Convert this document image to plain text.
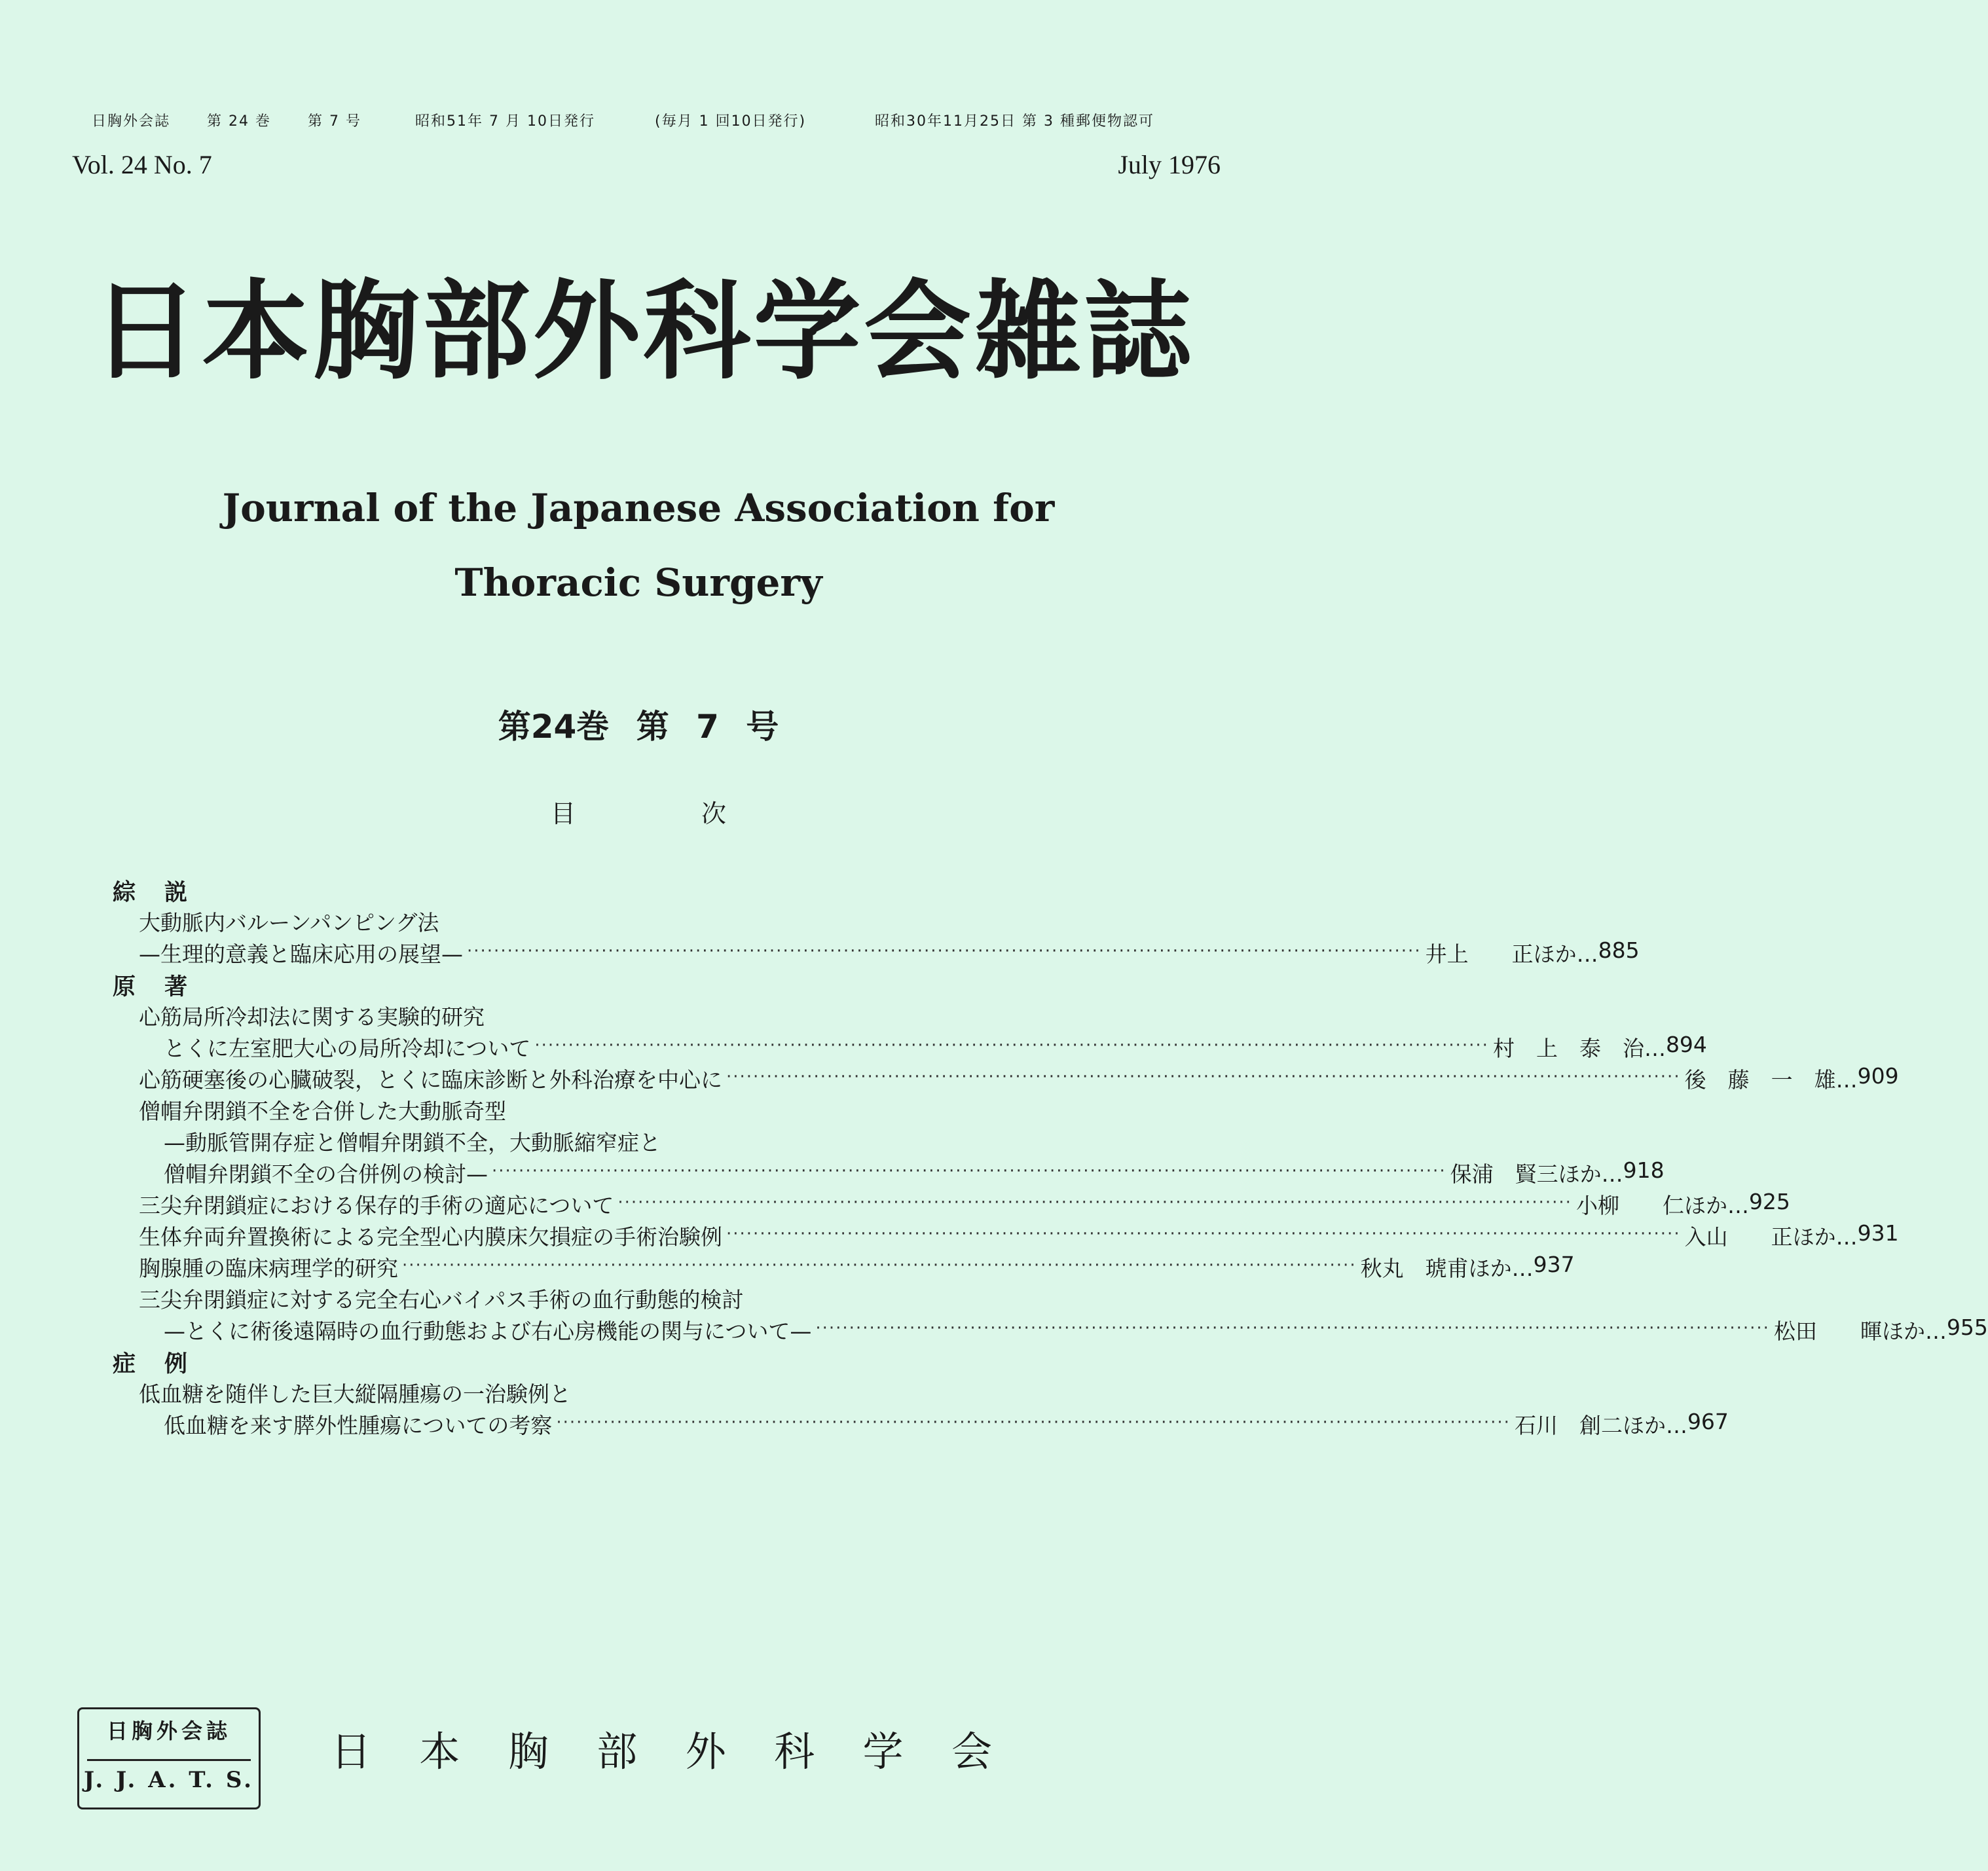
日胸外会誌	第 24 巻	第 7 号	昭和51年 7 月 10日発行	(毎月 1 回10日発行)	昭和30年11月25日 第 3 種郵便物認可
Vol. 24 No. 7	July 1976
日 本 胸 部 外 科 学 会 雑 誌
Journal of the Japanese Association for
Thoracic Surgery
第24巻 第 7 号
目 次
綜説
大動脈内バルーンパンピング法
—生理的意義と臨床応用の展望— ·············································································································································· 井上　　正ほか… 885
原著
心筋局所冷却法に関する実験的研究
とくに左室肥大心の局所冷却について ·············································································································································· 村　上　泰　治… 894
心筋硬塞後の心臓破裂，とくに臨床診断と外科治療を中心に ·············································································································································· 後　藤　一　雄… 909
僧帽弁閉鎖不全を合併した大動脈奇型
—動脈管開存症と僧帽弁閉鎖不全，大動脈縮窄症と
僧帽弁閉鎖不全の合併例の検討— ·············································································································································· 保浦　賢三ほか… 918
三尖弁閉鎖症における保存的手術の適応について ·············································································································································· 小柳　　仁ほか… 925
生体弁両弁置換術による完全型心内膜床欠損症の手術治験例 ·············································································································································· 入山　　正ほか… 931
胸腺腫の臨床病理学的研究 ·············································································································································· 秋丸　琥甫ほか… 937
三尖弁閉鎖症に対する完全右心バイパス手術の血行動態的検討
—とくに術後遠隔時の血行動態および右心房機能の関与について— ·············································································································································· 松田　　暉ほか… 955
症例
低血糖を随伴した巨大縦隔腫瘍の一治験例と
低血糖を来す膵外性腫瘍についての考察 ·············································································································································· 石川　創二ほか… 967
日胸外会誌
J. J. A. T. S.
日 本 胸 部 外 科 学 会
